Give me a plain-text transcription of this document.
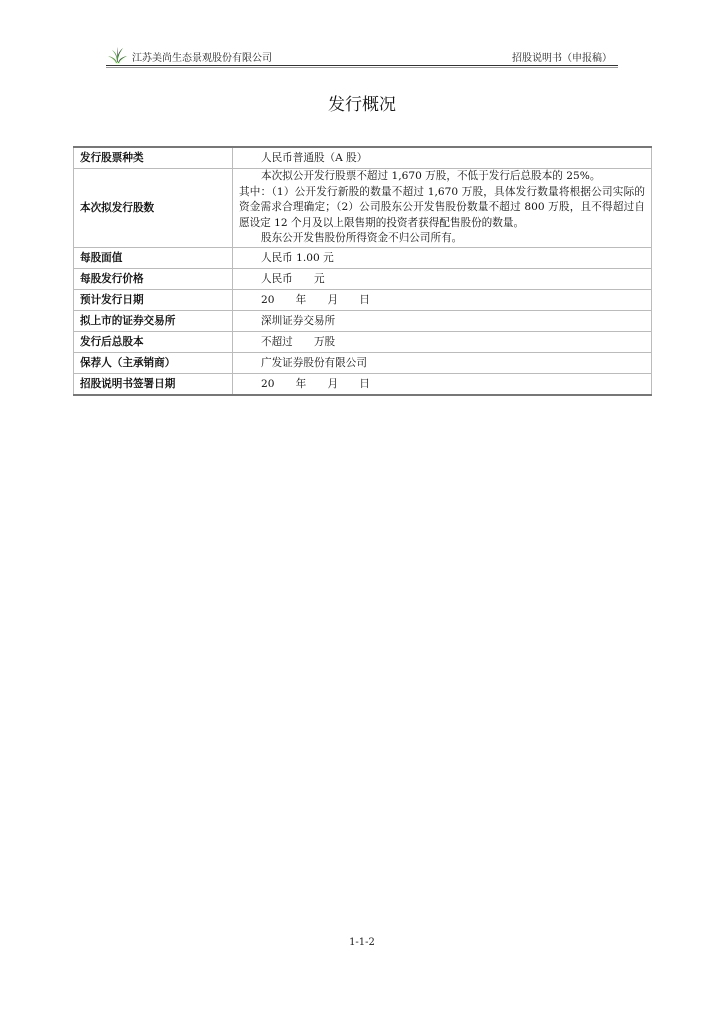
江苏美尚生态景观股份有限公司	招股说明书（申报稿）
发行概况
发行股票种类	人民币普通股（A 股）
本次拟发行股数	本次拟公开发行股票不超过 1,670 万股，不低于发行后总股本的 25%。

其中：（1）公开发行新股的数量不超过 1,670 万股，具体发行数量将根据公司实际的资金需求合理确定；（2）公司股东公开发售股份数量不超过 800 万股，且不得超过自愿设定 12 个月及以上限售期的投资者获得配售股份的数量。

股东公开发售股份所得资金不归公司所有。

每股面值	人民币 1.00 元
每股发行价格	人民币　　元
预计发行日期	20　　年　　月　　日
拟上市的证券交易所	深圳证券交易所
发行后总股本	不超过　　万股
保荐人（主承销商）	广发证券股份有限公司
招股说明书签署日期	20　　年　　月　　日
1-1-2
